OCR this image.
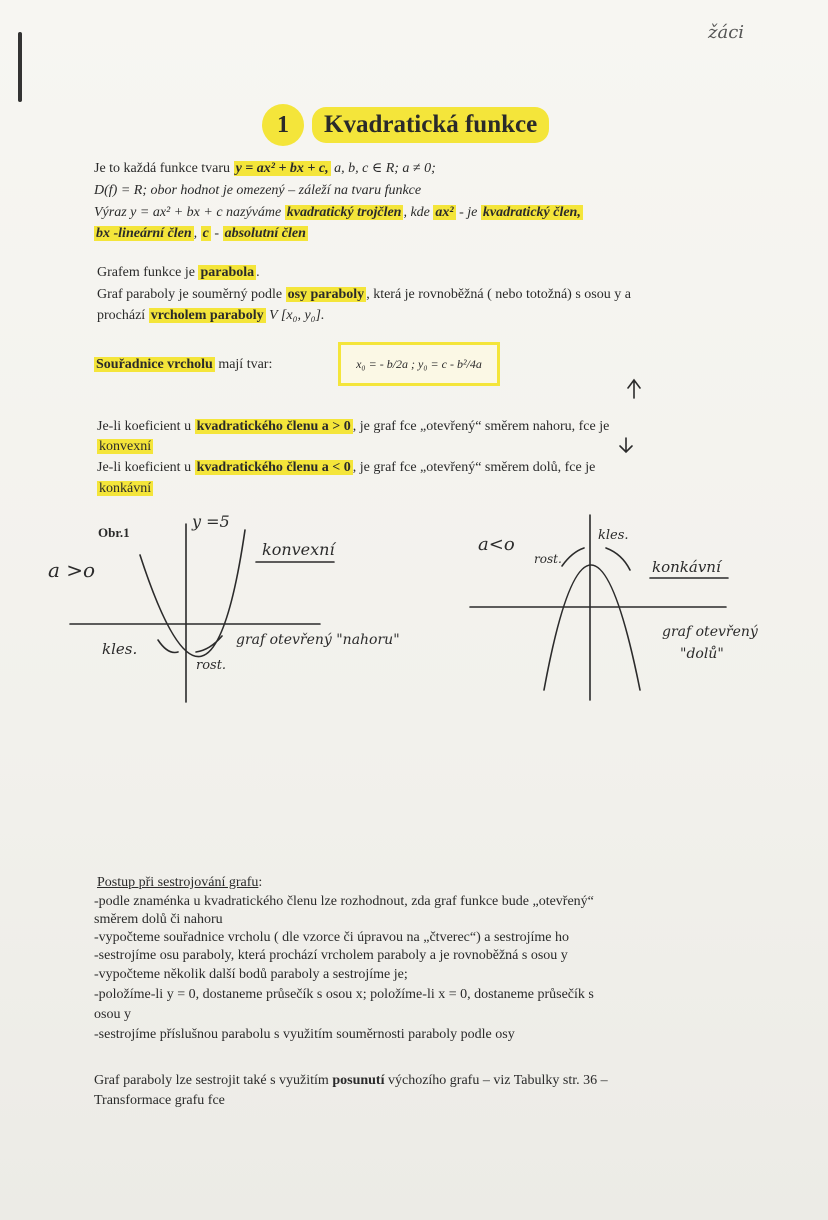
žáci
1 Kvadratická funkce
Je to každá funkce tvaru y = ax² + bx + c, a, b, c ∈ R; a ≠ 0;
D(f) = R; obor hodnot je omezený – záleží na tvaru funkce
Výraz y = ax² + bx + c nazýváme kvadratický trojčlen , kde ax² - je kvadratický člen,
bx -lineární člen , c - absolutní člen
Grafem funkce je parabola .
Graf paraboly je souměrný podle osy paraboly , která je rovnoběžná ( nebo totožná) s osou y a
prochází vrcholem paraboly V [x₀, y₀].
Souřadnice vrcholu mají tvar:	x₀ = - b/2a ; y₀ = c - b²/4a
Je-li koeficient u kvadratického členu a > 0 , je graf fce „otevřený“ směrem nahoru, fce je
konvexní
Je-li koeficient u kvadratického členu a < 0 , je graf fce „otevřený“ směrem dolů, fce je
konkávní
Obr.1
a >o
y =5
konvexní
kles.
rost.
graf otevřený "nahoru"
a<o
rost.
kles.
konkávní
graf otevřený
"dolů"
Postup při sestrojování grafu:
-podle znaménka u kvadratického členu lze rozhodnout, zda graf funkce bude „otevřený“
směrem dolů či nahoru
-vypočteme souřadnice vrcholu ( dle vzorce či úpravou na „čtverec“) a sestrojíme ho
-sestrojíme osu paraboly, která prochází vrcholem paraboly a je rovnoběžná s osou y
-vypočteme několik další bodů paraboly a sestrojíme je;
-položíme-li y = 0, dostaneme průsečík s osou x; položíme-li x = 0, dostaneme průsečík s
osou y
-sestrojíme příslušnou parabolu s využitím souměrnosti paraboly podle osy
Graf paraboly lze sestrojit také s využitím posunutí výchozího grafu – viz Tabulky str. 36 –
Transformace grafu fce
